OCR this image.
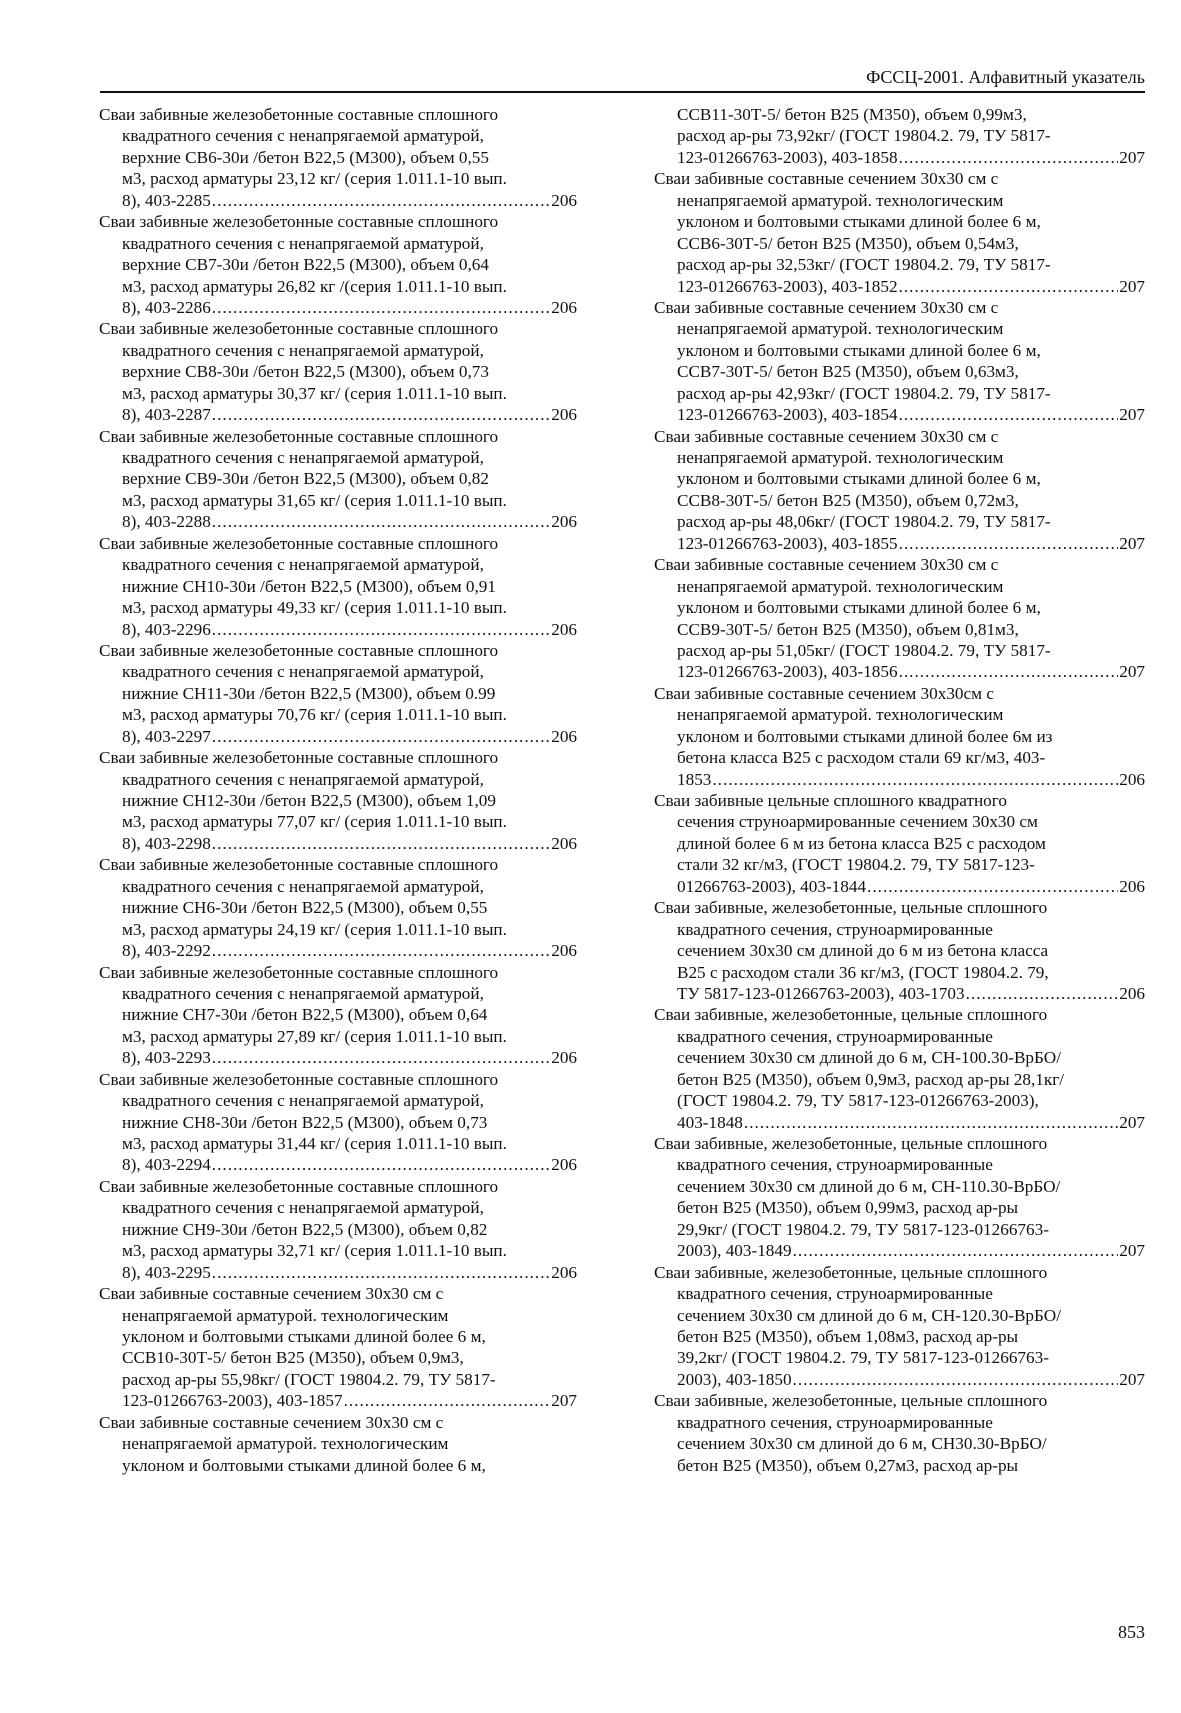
ФССЦ-2001. Алфавитный указатель
Сваи забивные железобетонные составные сплошного
квадратного сечения с ненапрягаемой арматурой,
верхние СВ6-30и /бетон В22,5 (М300), объем 0,55
м3, расход арматуры 23,12 кг/ (серия 1.011.1-10 вып.
8), 403-2285 .....	206
Сваи забивные железобетонные составные сплошного
квадратного сечения с ненапрягаемой арматурой,
верхние СВ7-30и /бетон В22,5 (М300), объем 0,64
м3, расход арматуры 26,82 кг /(серия 1.011.1-10 вып.
8), 403-2286 .....	206
Сваи забивные железобетонные составные сплошного
квадратного сечения с ненапрягаемой арматурой,
верхние СВ8-30и /бетон В22,5 (М300), объем 0,73
м3, расход арматуры 30,37 кг/ (серия 1.011.1-10 вып.
8), 403-2287 .....	206
Сваи забивные железобетонные составные сплошного
квадратного сечения с ненапрягаемой арматурой,
верхние СВ9-30и /бетон В22,5 (М300), объем 0,82
м3, расход арматуры 31,65 кг/ (серия 1.011.1-10 вып.
8), 403-2288 .....	206
Сваи забивные железобетонные составные сплошного
квадратного сечения с ненапрягаемой арматурой,
нижние СН10-30и /бетон В22,5 (М300), объем 0,91
м3, расход арматуры 49,33 кг/ (серия 1.011.1-10 вып.
8), 403-2296 .....	206
Сваи забивные железобетонные составные сплошного
квадратного сечения с ненапрягаемой арматурой,
нижние СН11-30и /бетон В22,5 (М300), объем 0.99
м3, расход арматуры 70,76 кг/ (серия 1.011.1-10 вып.
8), 403-2297 .....	206
Сваи забивные железобетонные составные сплошного
квадратного сечения с ненапрягаемой арматурой,
нижние СН12-30и /бетон В22,5 (М300), объем 1,09
м3, расход арматуры 77,07 кг/ (серия 1.011.1-10 вып.
8), 403-2298 .....	206
Сваи забивные железобетонные составные сплошного
квадратного сечения с ненапрягаемой арматурой,
нижние СН6-30и /бетон В22,5 (М300), объем 0,55
м3, расход арматуры 24,19 кг/ (серия 1.011.1-10 вып.
8), 403-2292 .....	206
Сваи забивные железобетонные составные сплошного
квадратного сечения с ненапрягаемой арматурой,
нижние СН7-30и /бетон В22,5 (М300), объем 0,64
м3, расход арматуры 27,89 кг/ (серия 1.011.1-10 вып.
8), 403-2293 .....	206
Сваи забивные железобетонные составные сплошного
квадратного сечения с ненапрягаемой арматурой,
нижние СН8-30и /бетон В22,5 (М300), объем 0,73
м3, расход арматуры 31,44 кг/ (серия 1.011.1-10 вып.
8), 403-2294 .....	206
Сваи забивные железобетонные составные сплошного
квадратного сечения с ненапрягаемой арматурой,
нижние СН9-30и /бетон В22,5 (М300), объем 0,82
м3, расход арматуры 32,71 кг/ (серия 1.011.1-10 вып.
8), 403-2295 .....	206
Сваи забивные составные сечением 30х30 см с
ненапрягаемой арматурой. технологическим
уклоном и болтовыми стыками длиной более 6 м,
ССВ10-30Т-5/ бетон В25 (М350), объем 0,9м3,
расход ар-ры 55,98кг/ (ГОСТ 19804.2. 79, ТУ 5817-
123-01266763-2003), 403-1857 .....	207
Сваи забивные составные сечением 30х30 см с
ненапрягаемой арматурой. технологическим
уклоном и болтовыми стыками длиной более 6 м,
ССВ11-30Т-5/ бетон В25 (М350), объем 0,99м3,
расход ар-ры 73,92кг/ (ГОСТ 19804.2. 79, ТУ 5817-
123-01266763-2003), 403-1858 .....	207
Сваи забивные составные сечением 30х30 см с
ненапрягаемой арматурой. технологическим
уклоном и болтовыми стыками длиной более 6 м,
ССВ6-30Т-5/ бетон В25 (М350), объем 0,54м3,
расход ар-ры 32,53кг/ (ГОСТ 19804.2. 79, ТУ 5817-
123-01266763-2003), 403-1852 .....	207
Сваи забивные составные сечением 30х30 см с
ненапрягаемой арматурой. технологическим
уклоном и болтовыми стыками длиной более 6 м,
ССВ7-30Т-5/ бетон В25 (М350), объем 0,63м3,
расход ар-ры 42,93кг/ (ГОСТ 19804.2. 79, ТУ 5817-
123-01266763-2003), 403-1854 .....	207
Сваи забивные составные сечением 30х30 см с
ненапрягаемой арматурой. технологическим
уклоном и болтовыми стыками длиной более 6 м,
ССВ8-30Т-5/ бетон В25 (М350), объем 0,72м3,
расход ар-ры 48,06кг/ (ГОСТ 19804.2. 79, ТУ 5817-
123-01266763-2003), 403-1855 .....	207
Сваи забивные составные сечением 30х30 см с
ненапрягаемой арматурой. технологическим
уклоном и болтовыми стыками длиной более 6 м,
ССВ9-30Т-5/ бетон В25 (М350), объем 0,81м3,
расход ар-ры 51,05кг/ (ГОСТ 19804.2. 79, ТУ 5817-
123-01266763-2003), 403-1856 .....	207
Сваи забивные составные сечением 30х30см с
ненапрягаемой арматурой. технологическим
уклоном и болтовыми стыками длиной более 6м из
бетона класса В25 с расходом стали 69 кг/м3, 403-
1853 .....	206
Сваи забивные цельные сплошного квадратного
сечения струноармированные сечением 30х30 см
длиной более 6 м из бетона класса В25 с расходом
стали 32 кг/м3, (ГОСТ 19804.2. 79, ТУ 5817-123-
01266763-2003), 403-1844 .....	206
Сваи забивные, железобетонные, цельные сплошного
квадратного сечения, струноармированные
сечением 30х30 см длиной до 6 м из бетона класса
В25 с расходом стали 36 кг/м3, (ГОСТ 19804.2. 79,
ТУ 5817-123-01266763-2003), 403-1703 .....	206
Сваи забивные, железобетонные, цельные сплошного
квадратного сечения, струноармированные
сечением 30х30 см длиной до 6 м, СН-100.30-ВрБО/
бетон В25 (М350), объем 0,9м3, расход ар-ры 28,1кг/
(ГОСТ 19804.2. 79, ТУ 5817-123-01266763-2003),
403-1848 .....	207
Сваи забивные, железобетонные, цельные сплошного
квадратного сечения, струноармированные
сечением 30х30 см длиной до 6 м, СН-110.30-ВрБО/
бетон В25 (М350), объем 0,99м3, расход ар-ры
29,9кг/ (ГОСТ 19804.2. 79, ТУ 5817-123-01266763-
2003), 403-1849 .....	207
Сваи забивные, железобетонные, цельные сплошного
квадратного сечения, струноармированные
сечением 30х30 см длиной до 6 м, СН-120.30-ВрБО/
бетон В25 (М350), объем 1,08м3, расход ар-ры
39,2кг/ (ГОСТ 19804.2. 79, ТУ 5817-123-01266763-
2003), 403-1850 .....	207
Сваи забивные, железобетонные, цельные сплошного
квадратного сечения, струноармированные
сечением 30х30 см длиной до 6 м, СН30.30-ВрБО/
бетон В25 (М350), объем 0,27м3, расход ар-ры
853
